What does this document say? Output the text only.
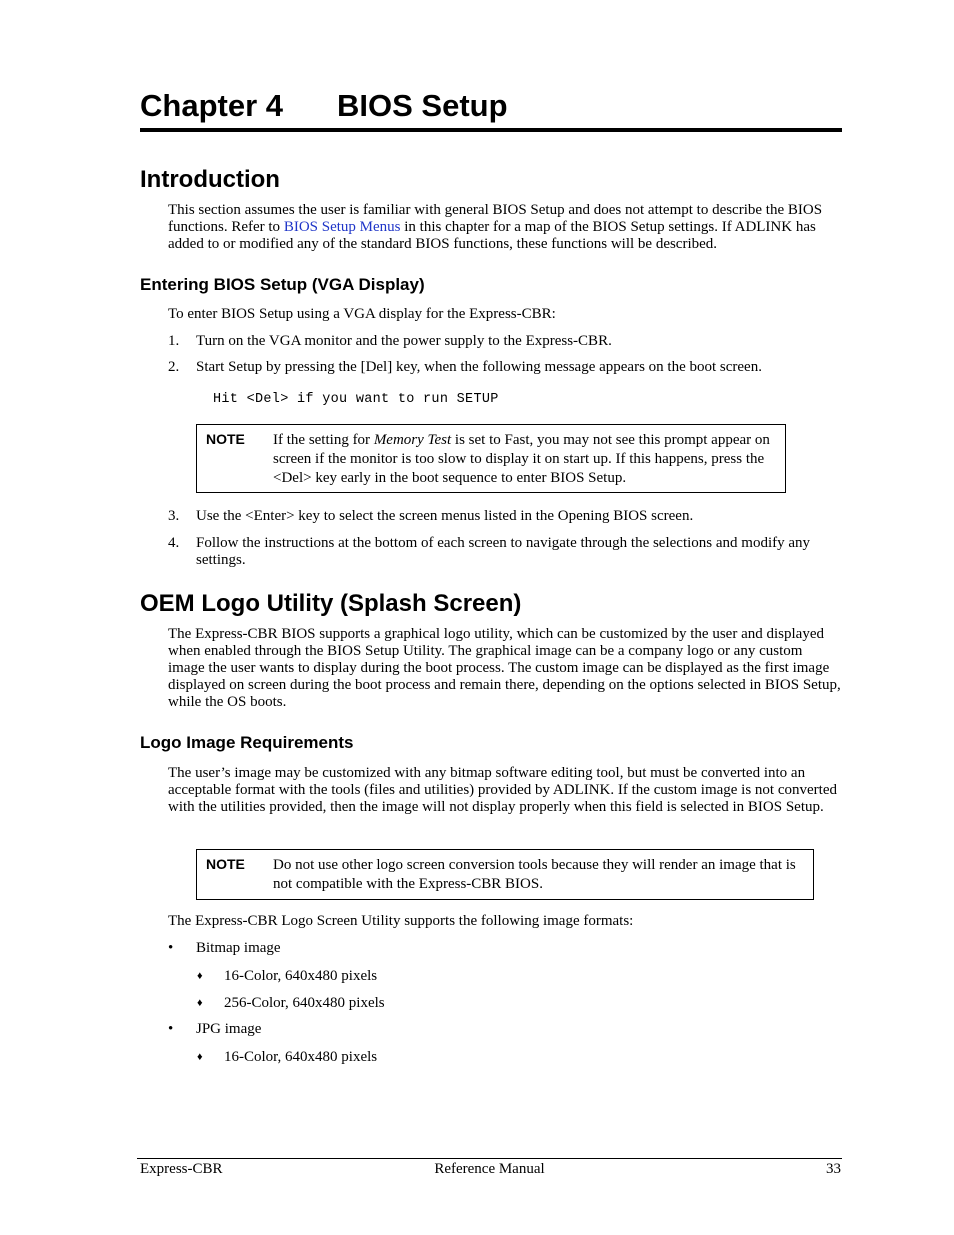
Chapter 4 BIOS Setup
Introduction

This section assumes the user is familiar with general BIOS Setup and does not attempt to describe the BIOS functions. Refer to BIOS Setup Menus in this chapter for a map of the BIOS Setup settings. If ADLINK has added to or modified any of the standard BIOS functions, these functions will be described.

Entering BIOS Setup (VGA Display)

To enter BIOS Setup using a VGA display for the Express-CBR:

1. Turn on the VGA monitor and the power supply to the Express-CBR.
2. Start Setup by pressing the [Del] key, when the following message appears on the boot screen.
Hit <Del> if you want to run SETUP
NOTE If the setting for Memory Test is set to Fast, you may not see this prompt appear on screen if the monitor is too slow to display it on start up. If this happens, press the <Del> key early in the boot sequence to enter BIOS Setup.
3. Use the <Enter> key to select the screen menus listed in the Opening BIOS screen.
4. Follow the instructions at the bottom of each screen to navigate through the selections and modify any settings.
OEM Logo Utility (Splash Screen)

The Express-CBR BIOS supports a graphical logo utility, which can be customized by the user and displayed when enabled through the BIOS Setup Utility. The graphical image can be a company logo or any custom image the user wants to display during the boot process. The custom image can be displayed as the first image displayed on screen during the boot process and remain there, depending on the options selected in BIOS Setup, while the OS boots.

Logo Image Requirements

The user’s image may be customized with any bitmap software editing tool, but must be converted into an acceptable format with the tools (files and utilities) provided by ADLINK. If the custom image is not converted with the utilities provided, then the image will not display properly when this field is selected in BIOS Setup.

NOTE Do not use other logo screen conversion tools because they will render an image that is not compatible with the Express-CBR BIOS.

The Express-CBR Logo Screen Utility supports the following image formats:

• Bitmap image
♦ 16-Color, 640x480 pixels
♦ 256-Color, 640x480 pixels
• JPG image
♦ 16-Color, 640x480 pixels
Express-CBR	Reference Manual	33
